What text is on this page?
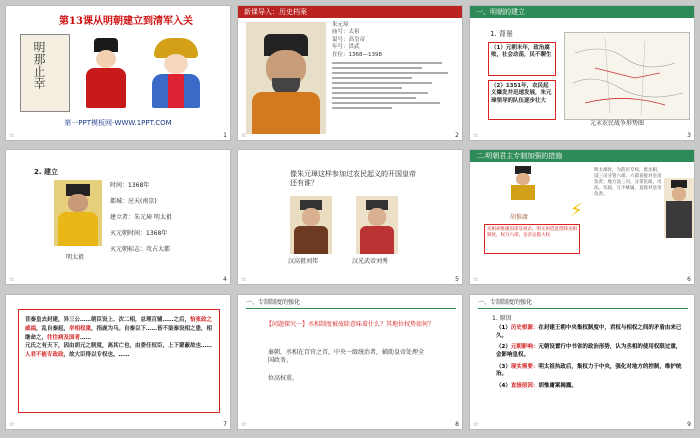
第13课从明朝建立到清军入关
明那止幸
第一PPT模板网-WWW.1PPT.COM
☆	1
新课导入：历史档案
朱元璋
庙号：太祖
谥号：高皇帝
年号：洪武
在位：1368—1398
☆	2
一、明朝的建立
1. 背景
（1）元朝末年，政治腐败，社会动荡，民不聊生
（2）1351年，农民起义爆发并迅速发展，朱元璋领导的队伍逐步壮大
元末农民战争形势图
☆	3
2. 建立
明太祖
时间：1368年
都城：应天(南京)
建立者：朱元璋 明太祖
灭元朝时间：1368年
灭元朝标志：攻占大都
☆	4
像朱元璋这样参加过农民起义的开国皇帝还有谁？
汉高祖刘邦	汉光武帝刘秀
☆	5
二.明朝君主专制加强的措施
⚡
明太祖时，为防臣专权，废丞相，设三司分管六部，六部直接对皇帝负责；地方设三司，分掌民政、司法、军政，互不统属，直接对皇帝负责。
胡惟庸
丞相胡惟庸因谋反被杀，明太祖借此废除丞相制度，权分六部，皇帝总揽大权
☆	6
昔秦皇去封建，异三公……朝臣设上、次二相，总理百辅……之后，恰张政之威福，乱自秦起，幸相权重，指鹿为马。自秦以下……皆不鉴秦设相之患，相继命之，往往病及国者……
元氏之有天下，因由胡元之制度，高其亡也，由委任权臣，上下蒙蔽故也……人君不能专政政，故大臣得以专权也。……
☆	7
一、专制制度的强化
【问题探究一】丞相制度被废除意味着什么？其地位权势如何？
秦朝，丞相在百官之首，中央一级统治者，辅助皇帝处理全国政务。
位高权重。
☆	8
一、专制制度的强化
1. 原因
（1）历史根源：在封建王朝中央集权制度中，君权与相权之间的矛盾由来已久。
（2）元朝影响：元朝设置行中书省的政治形势，认为丞相的使用权限过重，会影响皇权。
（3）现实需要：明太祖执政后，集权力于中央，强化对地方的控制，维护统治。
（4）直接原因：胡惟庸案揭露。
☆	9
